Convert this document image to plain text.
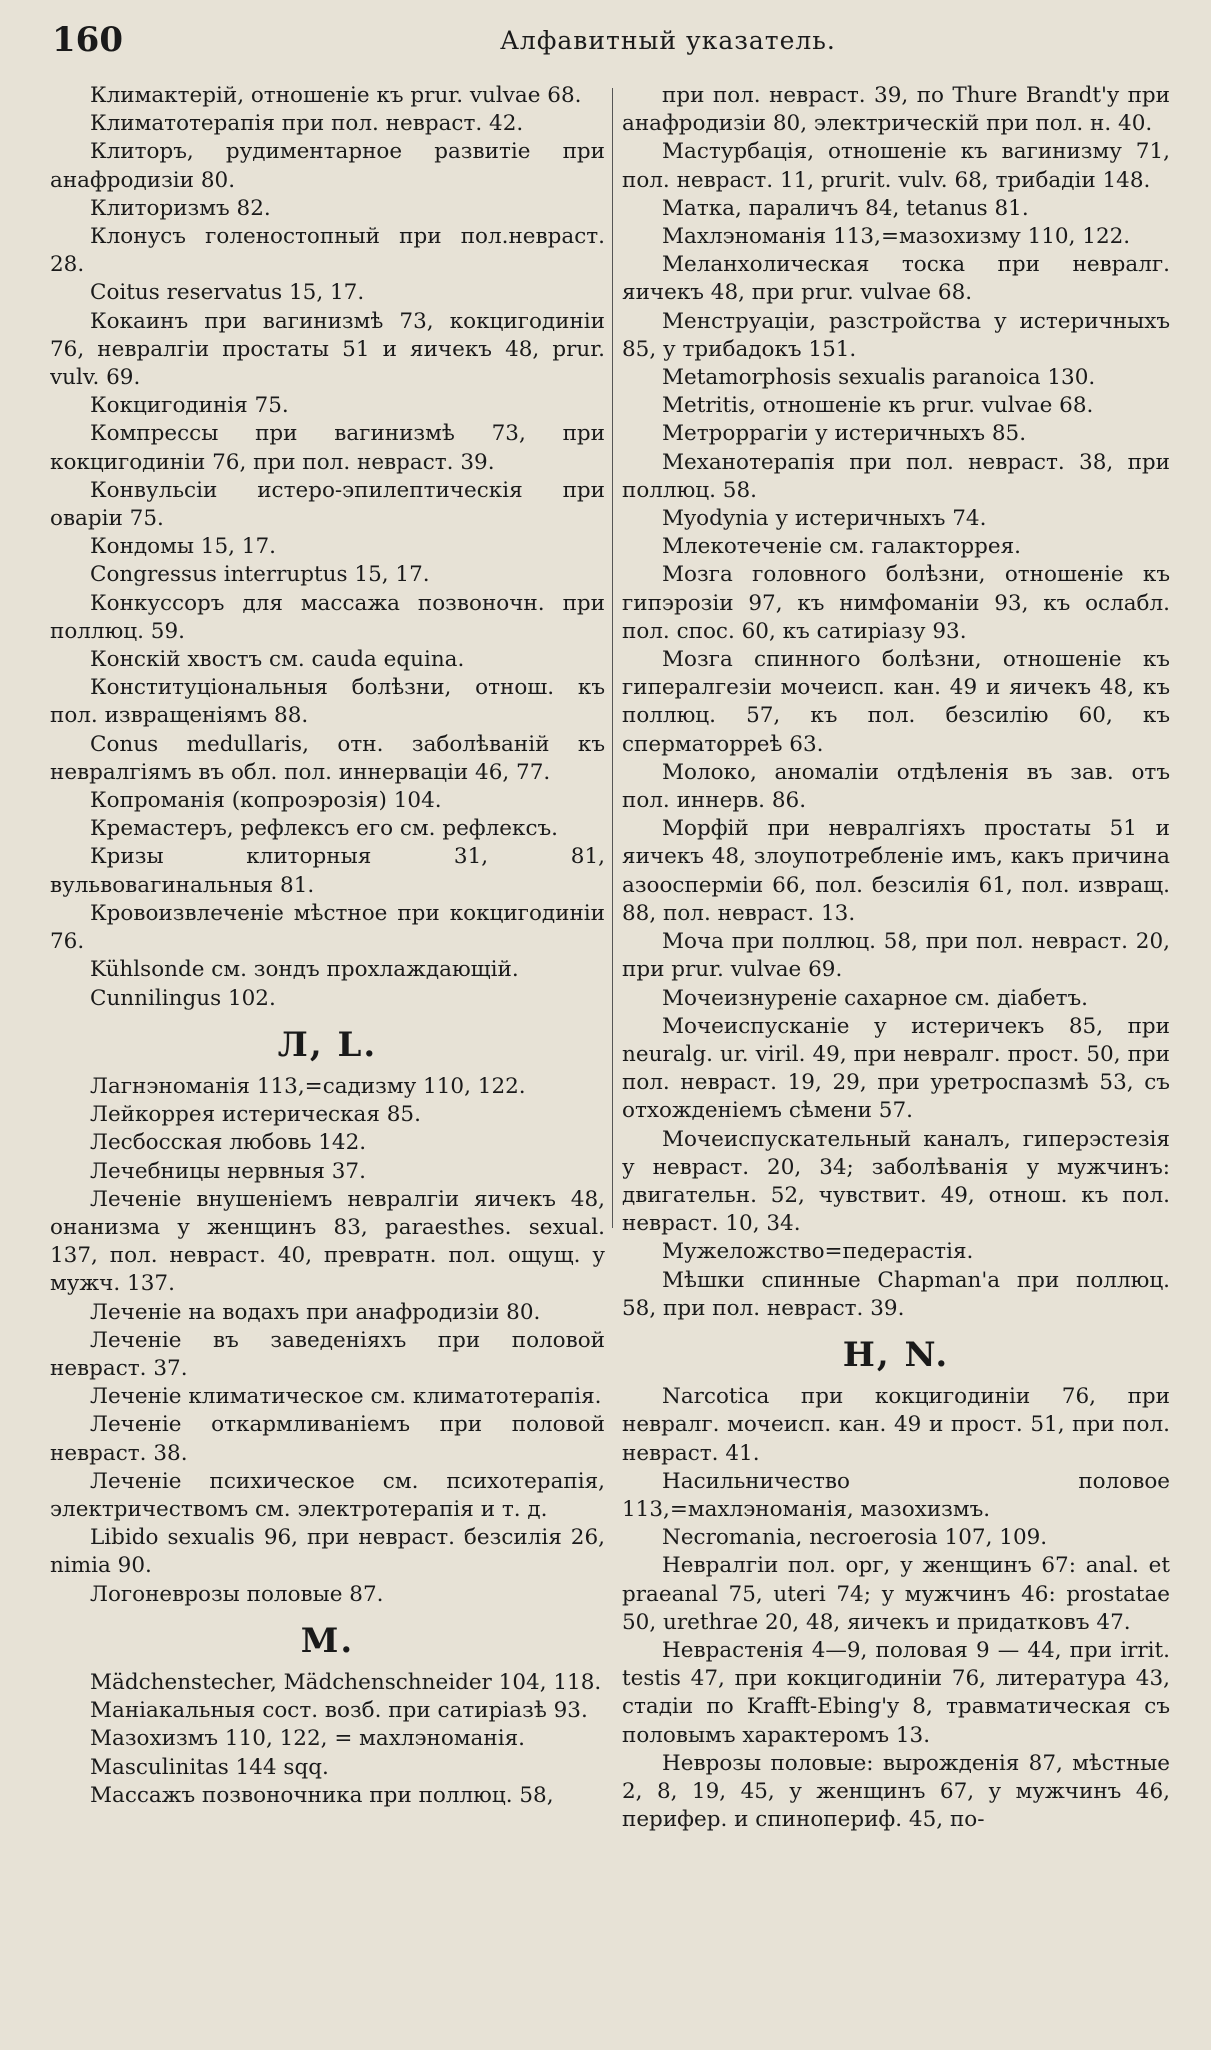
160	Алфавитный указатель.

Климактерій, отношеніе къ prur. vulvae 68.

Климатотерапія при пол. неврaст. 42.

Клиторъ, рудиментарное развитіе при анафродизіи 80.

Клиторизмъ 82.

Клонусъ голеностопный при пол.неврaст. 28.

Coitus reservatus 15, 17.

Кокаинъ при вагинизмѣ 73, кокцигодиніи 76, невралгіи простаты 51 и яичекъ 48, prur. vulv. 69.

Кокцигодинія 75.

Компрессы при вагинизмѣ 73, при кокцигодиніи 76, при пол. неврaст. 39.

Конвульсіи истеро-эпилептическія при оваріи 75.

Кондомы 15, 17.

Congressus interruptus 15, 17.

Конкуссоръ для массажа позвоночн. при поллюц. 59.

Конскій хвостъ см. cauda equina.

Конституціональныя болѣзни, отнош. къ пол. извращеніямъ 88.

Conus medullaris, отн. заболѣваній къ невралгіямъ въ обл. пол. иннерваціи 46, 77.

Копроманія (копроэрозія) 104.

Кремастеръ, рефлексъ его см. рефлексъ.

Кризы клиторныя 31, 81, вульвовагинальныя 81.

Кровоизвлеченіе мѣстное при кокцигодиніи 76.

Kühlsonde см. зондъ прохлаждающій.

Cunnilingus 102.

Л, L.

Лагнэноманія 113,=садизму 110, 122.

Лейкоррея истерическая 85.

Лесбосская любовь 142.

Лечебницы нервныя 37.

Леченіе внушеніемъ невралгіи яичекъ 48, онанизма у женщинъ 83, paraesthes. sexual. 137, пол. неврaст. 40, превратн. пол. ощущ. у мужч. 137.

Леченіе на водахъ при анафродизіи 80.

Леченіе въ заведеніяхъ при половой неврaст. 37.

Леченіе климатическое см. климатотерапія.

Леченіе откармливаніемъ при половой неврaст. 38.

Леченіе психическое см. психотерапія, электричествомъ см. электротерапія и т. д.

Libido sexualis 96, при неврaст. безсилія 26, nimia 90.

Логоневрозы половые 87.

М.

Mädchenstecher, Mädchenschneider 104, 118.

Маніакальныя сост. возб. при сатиріазѣ 93.

Мазохизмъ 110, 122, = махлэноманія.

Masculinitas 144 sqq.

Массажъ позвоночника при поллюц. 58,

при пол. неврaст. 39, по Thure Brandt'y при анафродизіи 80, электрическій при пол. н. 40.

Мастурбація, отношеніе къ вагинизму 71, пол. неврaст. 11, prurit. vulv. 68, трибадіи 148.

Матка, параличъ 84, tetanus 81.

Махлэноманія 113,=мазохизму 110, 122.

Меланхолическая тоска при невралг. яичекъ 48, при prur. vulvae 68.

Менструаціи, разстройства у истеричныхъ 85, у трибадокъ 151.

Metamorphosis sexualis paranoica 130.

Metritis, отношеніе къ prur. vulvae 68.

Метроррагіи у истеричныхъ 85.

Механотерапія при пол. неврaст. 38, при поллюц. 58.

Myodynia у истеричныхъ 74.

Млекотеченіе см. галакторрея.

Мозга головного болѣзни, отношеніе къ гипэрозіи 97, къ нимфоманіи 93, къ ослабл. пол. спос. 60, къ сатиріазу 93.

Мозга спинного болѣзни, отношеніе къ гипералгезіи мочеисп. кан. 49 и яичекъ 48, къ поллюц. 57, къ пол. безсилію 60, къ сперматоррeѣ 63.

Молоко, аномаліи отдѣленія въ зав. отъ пол. иннерв. 86.

Морфій при невралгіяхъ простаты 51 и яичекъ 48, злоупотребленіе имъ, какъ причина азооспермiи 66, пол. безсилія 61, пол. извращ. 88, пол. неврaст. 13.

Моча при поллюц. 58, при пол. неврaст. 20, при prur. vulvae 69.

Мочеизнуреніе сахарное см. діабетъ.

Мочеиспусканіе у истеричекъ 85, при neuralg. ur. viril. 49, при невралг. прост. 50, при пол. неврaст. 19, 29, при уретроспазмѣ 53, съ отхожденіемъ сѣмени 57.

Мочеиспускательный каналъ, гиперэстезія у неврaст. 20, 34; заболѣванія у мужчинъ: двигательн. 52, чувствит. 49, отнош. къ пол. неврaст. 10, 34.

Мужеложство=педерастія.

Мѣшки спинные Chapman'a при поллюц. 58, при пол. неврaст. 39.

Н, N.

Narcotica при кокцигодиніи 76, при невралг. мочеисп. кан. 49 и прост. 51, при пол. неврaст. 41.

Насильничество половое 113,=махлэноманія, мазохизмъ.

Necromania, necroerosia 107, 109.

Невралгіи пол. орг, у женщинъ 67: anal. et praeanal 75, uteri 74; у мужчинъ 46: prostatae 50, urethrae 20, 48, яичекъ и придатковъ 47.

Неврастенія 4—9, половая 9 — 44, при irrit. testis 47, при кокцигодиніи 76, литература 43, стадіи по Krafft-Ebing'y 8, травматическая съ половымъ характеромъ 13.

Неврозы половые: вырожденія 87, мѣстные 2, 8, 19, 45, у женщинъ 67, у мужчинъ 46, перифер. и спинопериф. 45, по-
